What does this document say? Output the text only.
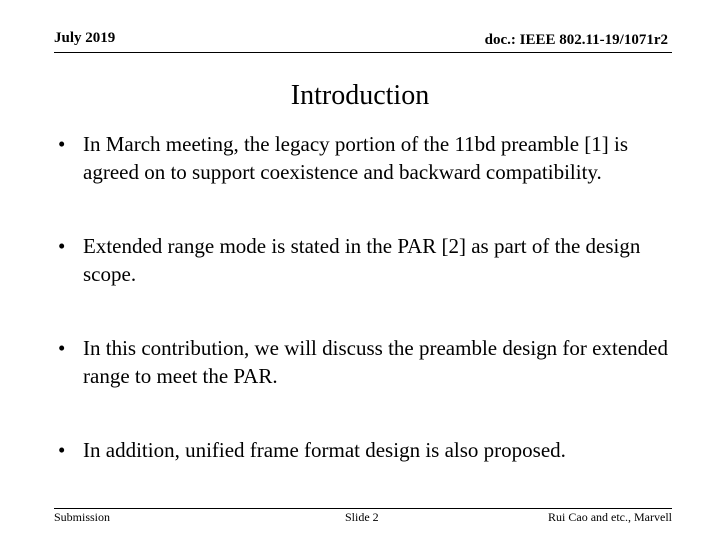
July 2019	doc.: IEEE 802.11-19/1071r2
Introduction
• In March meeting, the legacy portion of the 11bd preamble [1] is agreed on to support coexistence and backward compatibility.
• Extended range mode is stated in the PAR [2] as part of the design scope.
• In this contribution, we will discuss the preamble design for extended range to meet the PAR.
• In addition, unified frame format design is also proposed.
Submission	Slide 2	Rui Cao and etc., Marvell
